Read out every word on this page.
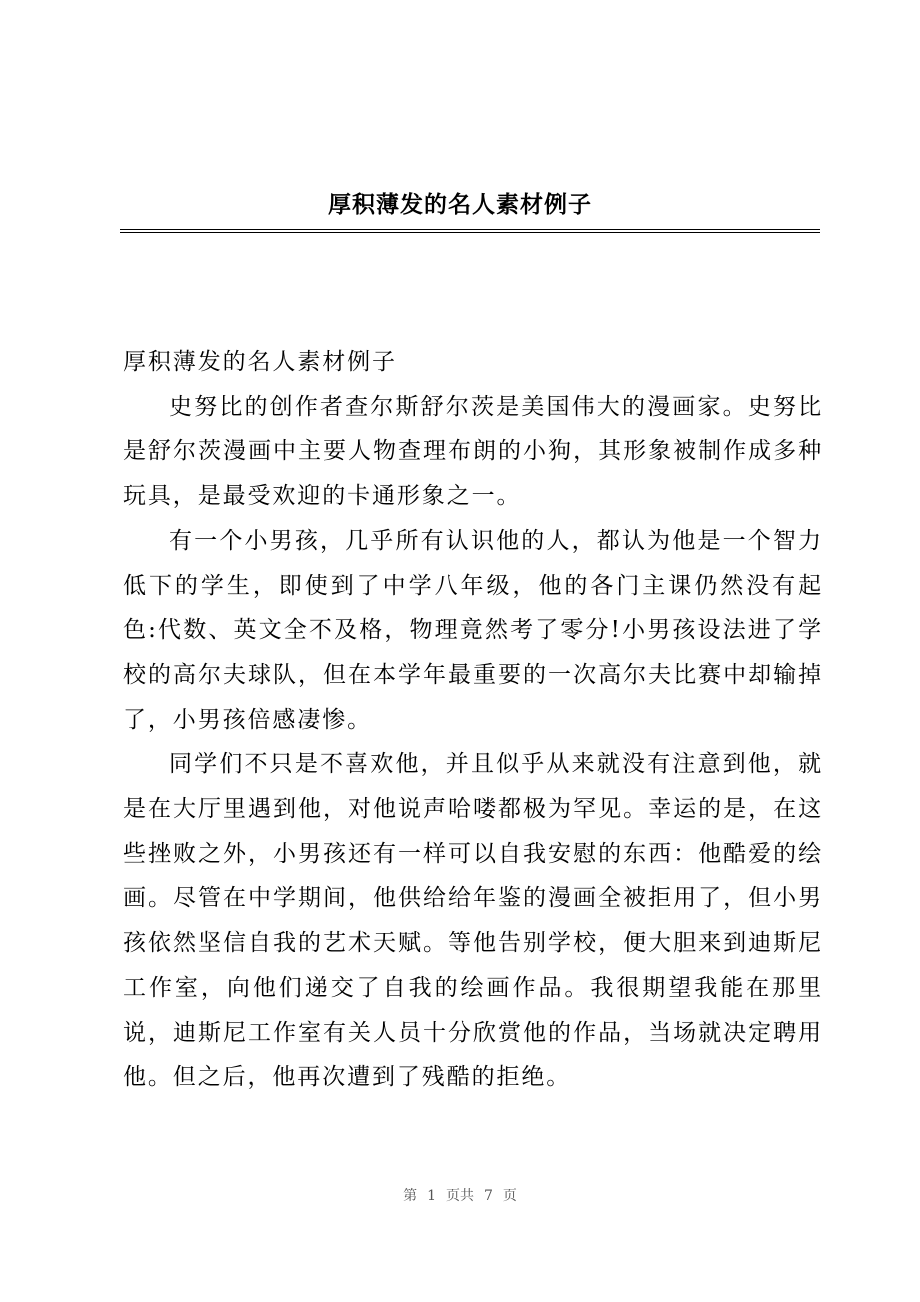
厚积薄发的名人素材例子

厚积薄发的名人素材例子

史努比的创作者查尔斯舒尔茨是美国伟大的漫画家。史努比是舒尔茨漫画中主要人物查理布朗的小狗，其形象被制作成多种玩具，是最受欢迎的卡通形象之一。

有一个小男孩，几乎所有认识他的人，都认为他是一个智力低下的学生，即使到了中学八年级，他的各门主课仍然没有起色:代数、英文全不及格，物理竟然考了零分!小男孩设法进了学校的高尔夫球队，但在本学年最重要的一次高尔夫比赛中却输掉了，小男孩倍感凄惨。

同学们不只是不喜欢他，并且似乎从来就没有注意到他，就是在大厅里遇到他，对他说声哈喽都极为罕见。幸运的是，在这些挫败之外，小男孩还有一样可以自我安慰的东西：他酷爱的绘画。尽管在中学期间，他供给给年鉴的漫画全被拒用了，但小男孩依然坚信自我的艺术天赋。等他告别学校，便大胆来到迪斯尼工作室，向他们递交了自我的绘画作品。我很期望我能在那里说，迪斯尼工作室有关人员十分欣赏他的作品，当场就决定聘用他。但之后，他再次遭到了残酷的拒绝。

第 1 页共 7 页
